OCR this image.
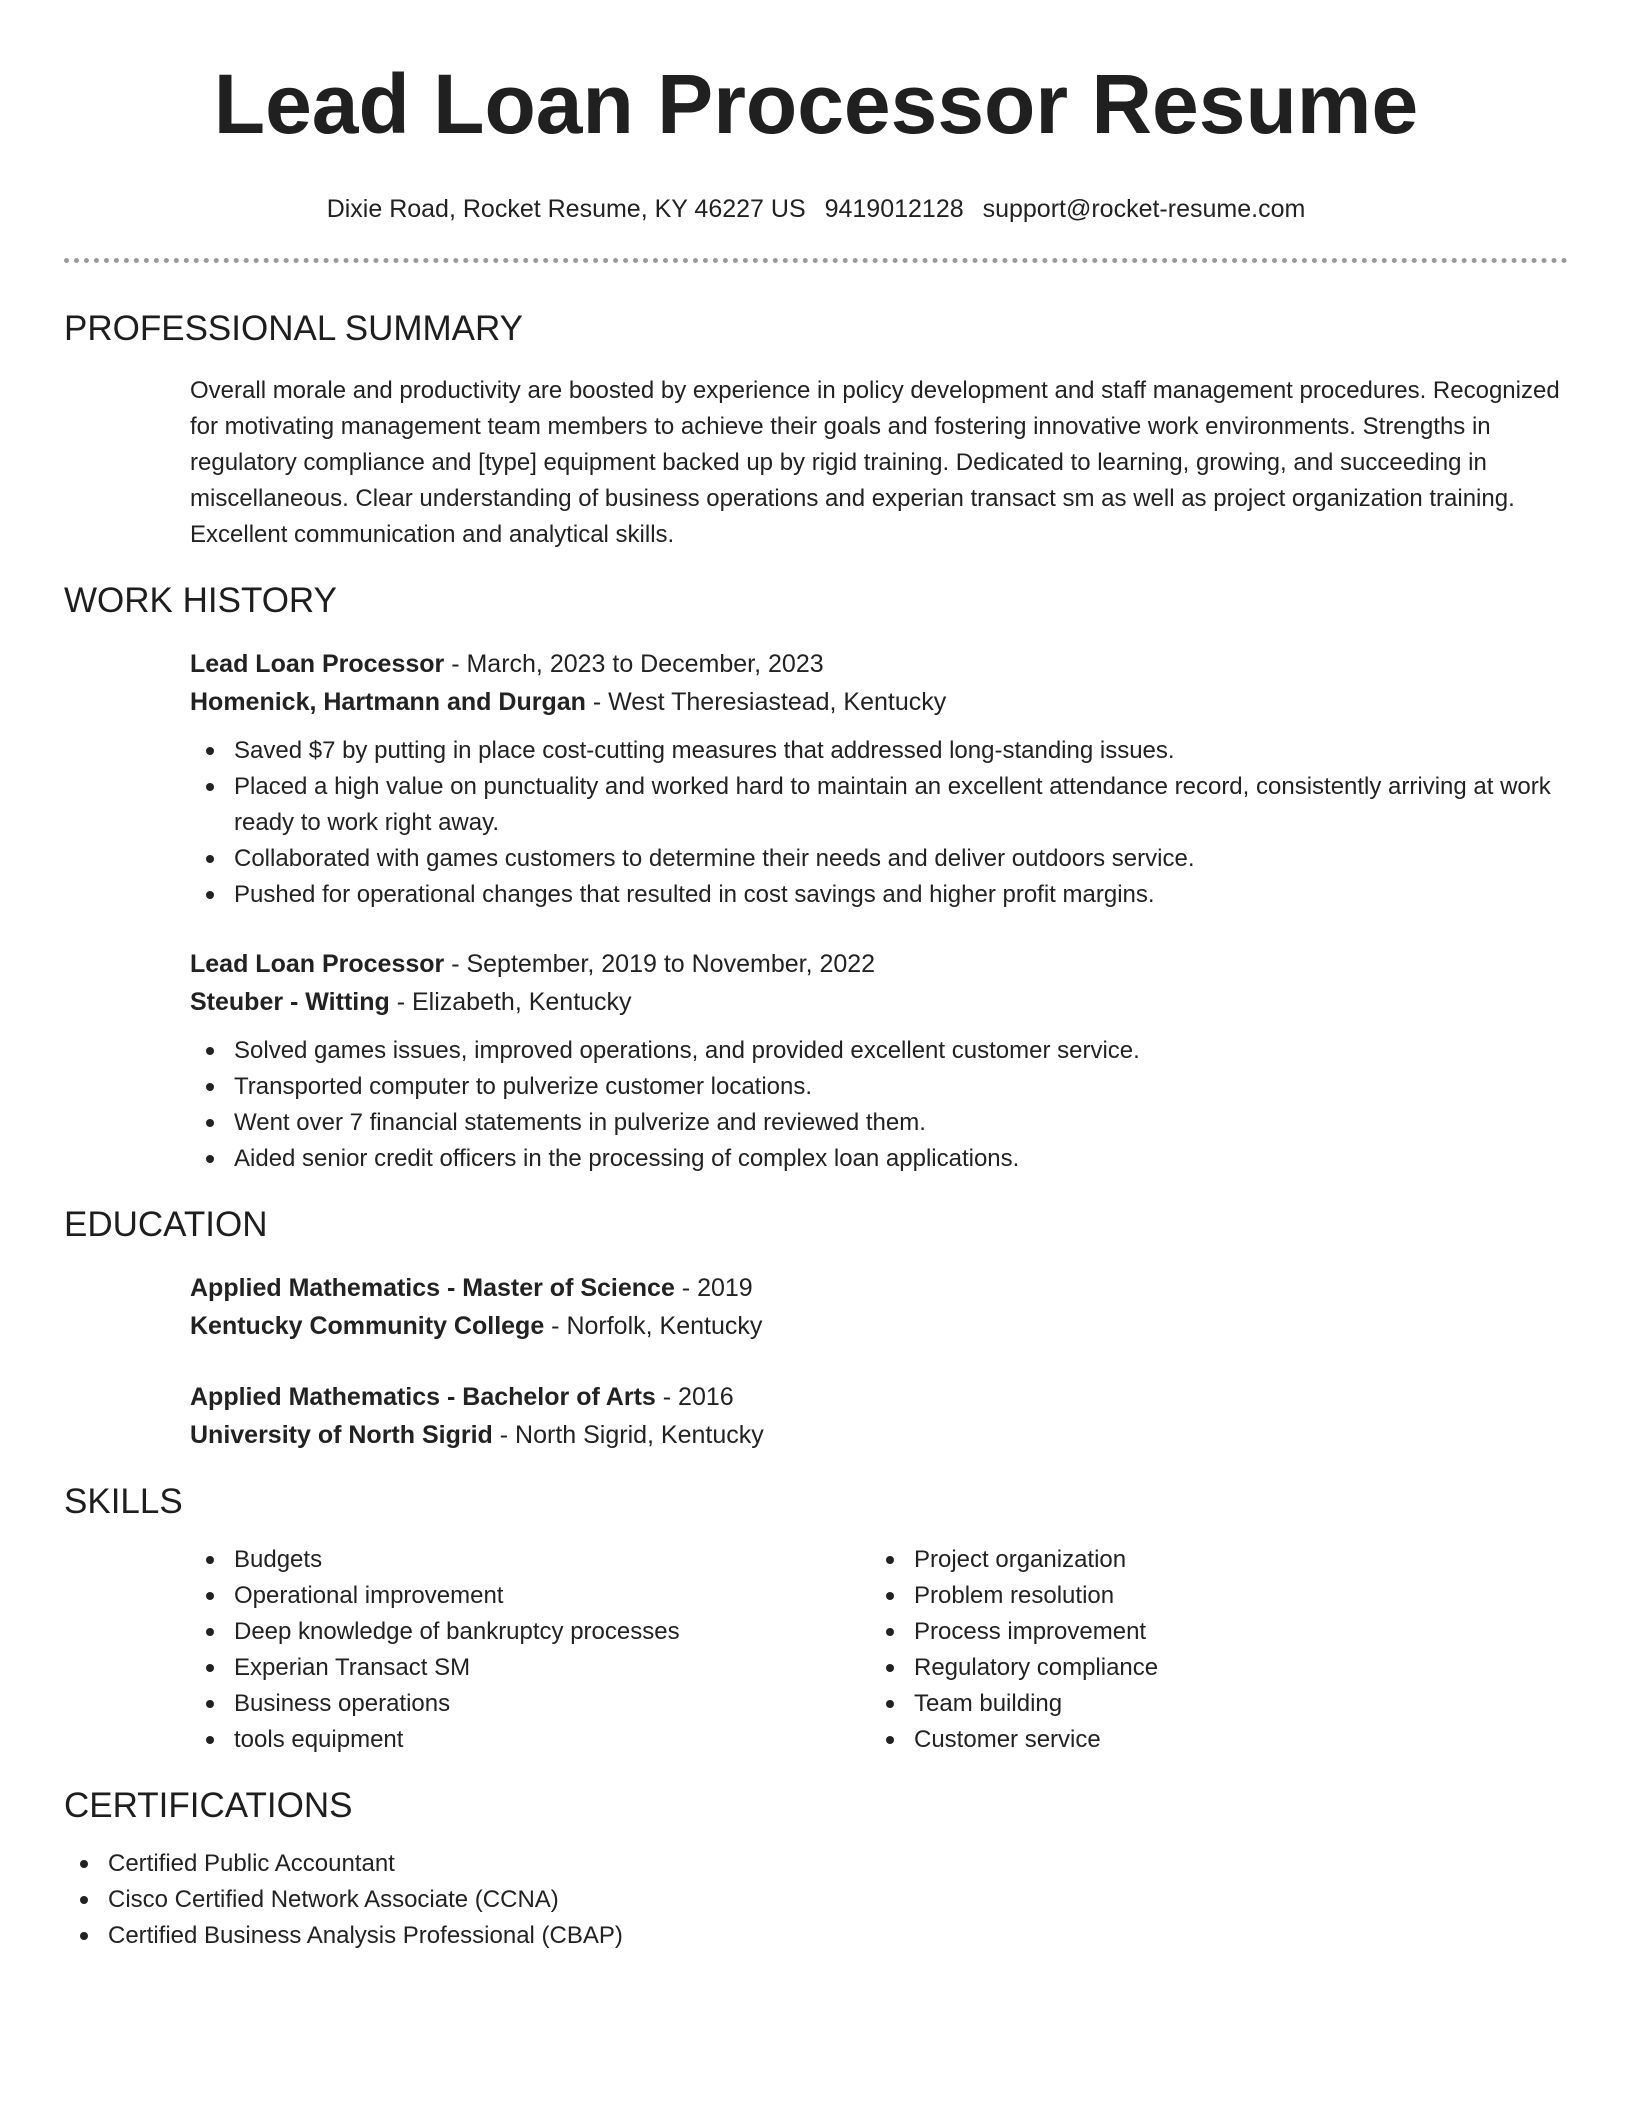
Lead Loan Processor Resume
Dixie Road, Rocket Resume, KY 46227 US 9419012128 support@rocket-resume.com
PROFESSIONAL SUMMARY
Overall morale and productivity are boosted by experience in policy development and staff management procedures. Recognized for motivating management team members to achieve their goals and fostering innovative work environments. Strengths in regulatory compliance and [type] equipment backed up by rigid training. Dedicated to learning, growing, and succeeding in miscellaneous. Clear understanding of business operations and experian transact sm as well as project organization training. Excellent communication and analytical skills.
WORK HISTORY
Lead Loan Processor - March, 2023 to December, 2023
Homenick, Hartmann and Durgan - West Theresiastead, Kentucky
Saved $7 by putting in place cost-cutting measures that addressed long-standing issues.
Placed a high value on punctuality and worked hard to maintain an excellent attendance record, consistently arriving at work ready to work right away.
Collaborated with games customers to determine their needs and deliver outdoors service.
Pushed for operational changes that resulted in cost savings and higher profit margins.
Lead Loan Processor - September, 2019 to November, 2022
Steuber - Witting - Elizabeth, Kentucky
Solved games issues, improved operations, and provided excellent customer service.
Transported computer to pulverize customer locations.
Went over 7 financial statements in pulverize and reviewed them.
Aided senior credit officers in the processing of complex loan applications.
EDUCATION
Applied Mathematics - Master of Science - 2019
Kentucky Community College - Norfolk, Kentucky
Applied Mathematics - Bachelor of Arts - 2016
University of North Sigrid - North Sigrid, Kentucky
SKILLS
Budgets
Operational improvement
Deep knowledge of bankruptcy processes
Experian Transact SM
Business operations
tools equipment
Project organization
Problem resolution
Process improvement
Regulatory compliance
Team building
Customer service
CERTIFICATIONS
Certified Public Accountant
Cisco Certified Network Associate (CCNA)
Certified Business Analysis Professional (CBAP)
